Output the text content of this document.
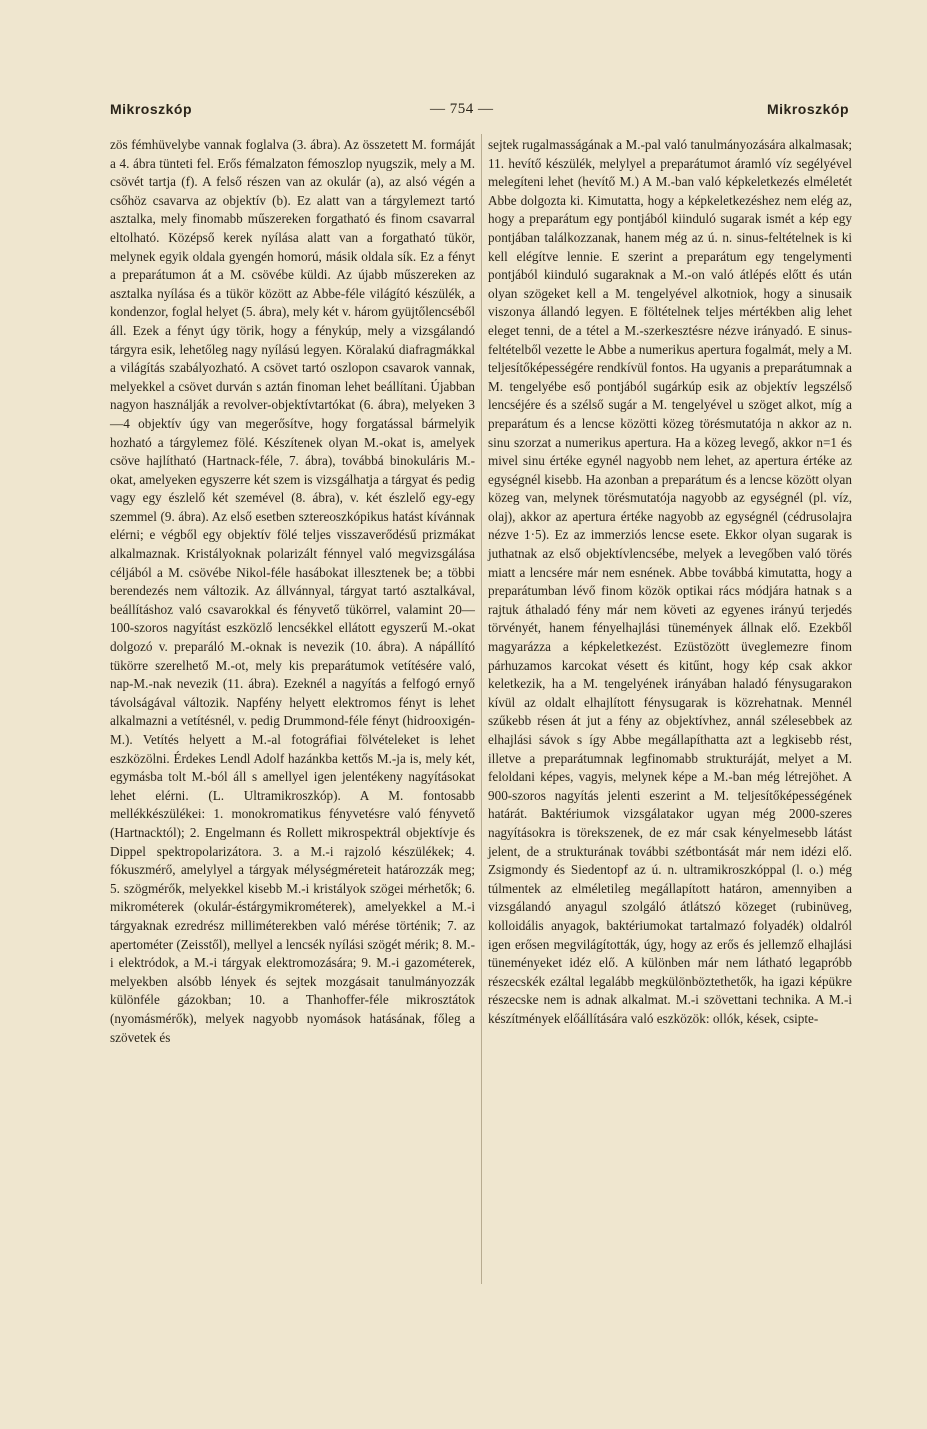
Mikroszkóp	— 754 —	Mikroszkóp
zös fémhüvelybe vannak foglalva (3. ábra). Az összetett M. formáját a 4. ábra tünteti fel. Erős fémalzaton fémoszlop nyugszik, mely a M. csövét tartja (f). A felső részen van az okulár (a), az alsó végén a csőhöz csavarva az objektív (b). Ez alatt van a tárgylemezt tartó asztalka, mely finomabb műszereken forgatható és finom csavarral eltolható. Középső kerek nyílása alatt van a forgatható tükör, melynek egyik oldala gyengén homorú, másik oldala sík. Ez a fényt a preparátumon át a M. csövébe küldi. Az újabb műszereken az asztalka nyílása és a tükör között az Abbe-féle világító készülék, a kondenzor, foglal helyet (5. ábra), mely két v. három gyüjtőlencséből áll. Ezek a fényt úgy törik, hogy a fénykúp, mely a vizsgálandó tárgyra esik, lehetőleg nagy nyílású legyen. Köralakú diafragmákkal a világítás szabályozható. A csövet tartó oszlopon csavarok vannak, melyekkel a csövet durván s aztán finoman lehet beállítani. Újabban nagyon használják a revolver-objektívtartókat (6. ábra), melyeken 3—4 objektív úgy van megerősítve, hogy forgatással bármelyik hozható a tárgylemez fölé. Készítenek olyan M.-okat is, amelyek csöve hajlítható (Hartnack-féle, 7. ábra), továbbá binokuláris M.-okat, amelyeken egyszerre két szem is vizsgálhatja a tárgyat és pedig vagy egy észlelő két szemével (8. ábra), v. két észlelő egy-egy szemmel (9. ábra). Az első esetben sztereoszkópikus hatást kívánnak elérni; e végből egy objektív fölé teljes visszaverődésű prizmákat alkalmaznak. Kristályoknak polarizált fénnyel való megvizsgálása céljából a M. csövébe Nikol-féle hasábokat illesztenek be; a többi berendezés nem változik. Az állvánnyal, tárgyat tartó asztalkával, beállításhoz való csavarokkal és fényvető tükörrel, valamint 20—100-szoros nagyítást eszközlő lencsékkel ellátott egyszerű M.-okat dolgozó v. preparáló M.-oknak is nevezik (10. ábra). A nápállító tükörre szerelhető M.-ot, mely kis preparátumok vetítésére való, nap-M.-nak nevezik (11. ábra). Ezeknél a nagyítás a felfogó ernyő távolságával változik. Napfény helyett elektromos fényt is lehet alkalmazni a vetítésnél, v. pedig Drummond-féle fényt (hidrooxigén-M.). Vetítés helyett a M.-al fotográfiai fölvételeket is lehet eszközölni. Érdekes Lendl Adolf hazánkba kettős M.-ja is, mely két, egymásba tolt M.-ból áll s amellyel igen jelentékeny nagyításokat lehet elérni. (L. Ultramikroszkóp). A M. fontosabb mellékkészülékei: 1. monokromatikus fényvetésre való fényvető (Hartnacktól); 2. Engelmann és Rollett mikrospektrál objektívje és Dippel spektropolarizátora. 3. a M.-i rajzoló készülékek; 4. fókuszmérő, amelylyel a tárgyak mélységméreteit határozzák meg; 5. szögmérők, melyekkel kisebb M.-i kristályok szögei mérhetők; 6. mikrométerek (okulár-éstárgymikrométerek), amelyekkel a M.-i tárgyaknak ezredrész milliméterekben való mérése történik; 7. az apertométer (Zeisstől), mellyel a lencsék nyílási szögét mérik; 8. M.-i elektródok, a M.-i tárgyak elektromozására; 9. M.-i gazométerek, melyekben alsóbb lények és sejtek mozgásait tanulmányozzák különféle gázokban; 10. a Thanhoffer-féle mikrosztátok (nyomásmérők), melyek nagyobb nyomások hatásának, főleg a szövetek és
sejtek rugalmasságának a M.-pal való tanulmányozására alkalmasak; 11. hevítő készülék, melylyel a preparátumot áramló víz segélyével melegíteni lehet (hevítő M.) A M.-ban való képkeletkezés elméletét Abbe dolgozta ki. Kimutatta, hogy a képkeletkezéshez nem elég az, hogy a preparátum egy pontjából kiinduló sugarak ismét a kép egy pontjában találkozzanak, hanem még az ú. n. sinus-feltételnek is ki kell elégítve lennie. E szerint a preparátum egy tengelymenti pontjából kiinduló sugaraknak a M.-on való átlépés előtt és után olyan szögeket kell a M. tengelyével alkotniok, hogy a sinusaik viszonya állandó legyen. E föltételnek teljes mértékben alig lehet eleget tenni, de a tétel a M.-szerkesztésre nézve irányadó. E sinus-feltételből vezette le Abbe a numerikus apertura fogalmát, mely a M. teljesítőképességére rendkívül fontos. Ha ugyanis a preparátumnak a M. tengelyébe eső pontjából sugárkúp esik az objektív legszélső lencséjére és a szélső sugár a M. tengelyével u szöget alkot, míg a preparátum és a lencse közötti közeg törésmutatója n akkor az n. sinu szorzat a numerikus apertura. Ha a közeg levegő, akkor n=1 és mivel sinu értéke egynél nagyobb nem lehet, az apertura értéke az egységnél kisebb. Ha azonban a preparátum és a lencse között olyan közeg van, melynek törésmutatója nagyobb az egységnél (pl. víz, olaj), akkor az apertura értéke nagyobb az egységnél (cédrusolajra nézve 1·5). Ez az immerziós lencse esete. Ekkor olyan sugarak is juthatnak az első objektívlencsébe, melyek a levegőben való törés miatt a lencsére már nem esnének. Abbe továbbá kimutatta, hogy a preparátumban lévő finom közök optikai rács módjára hatnak s a rajtuk áthaladó fény már nem követi az egyenes irányú terjedés törvényét, hanem fényelhajlási tünemények állnak elő. Ezekből magyarázza a képkeletkezést. Ezüstözött üveglemezre finom párhuzamos karcokat vésett és kitűnt, hogy kép csak akkor keletkezik, ha a M. tengelyének irányában haladó fénysugarakon kívül az oldalt elhajlított fénysugarak is közrehatnak. Mennél szűkebb résen át jut a fény az objektívhez, annál szélesebbek az elhajlási sávok s így Abbe megállapíthatta azt a legkisebb rést, illetve a preparátumnak legfinomabb strukturáját, melyet a M. feloldani képes, vagyis, melynek képe a M.-ban még létrejöhet. A 900-szoros nagyítás jelenti eszerint a M. teljesítőképességének határát. Baktériumok vizsgálatakor ugyan még 2000-szeres nagyításokra is törekszenek, de ez már csak kényelmesebb látást jelent, de a strukturának további szétbontását már nem idézi elő. Zsigmondy és Siedentopf az ú. n. ultramikroszkóppal (l. o.) még túlmentek az elméletileg megállapított határon, amennyiben a vizsgálandó anyagul szolgáló átlátszó közeget (rubinüveg, kolloidális anyagok, baktériumokat tartalmazó folyadék) oldalról igen erősen megvilágították, úgy, hogy az erős és jellemző elhajlási tüneményeket idéz elő. A különben már nem látható legapróbb részecskék ezáltal legalább megkülönböztethetők, ha igazi képükre részecske nem is adnak alkalmat. M.-i szövettani technika. A M.-i készítmények előállítására való eszközök: ollók, kések, csipte-
